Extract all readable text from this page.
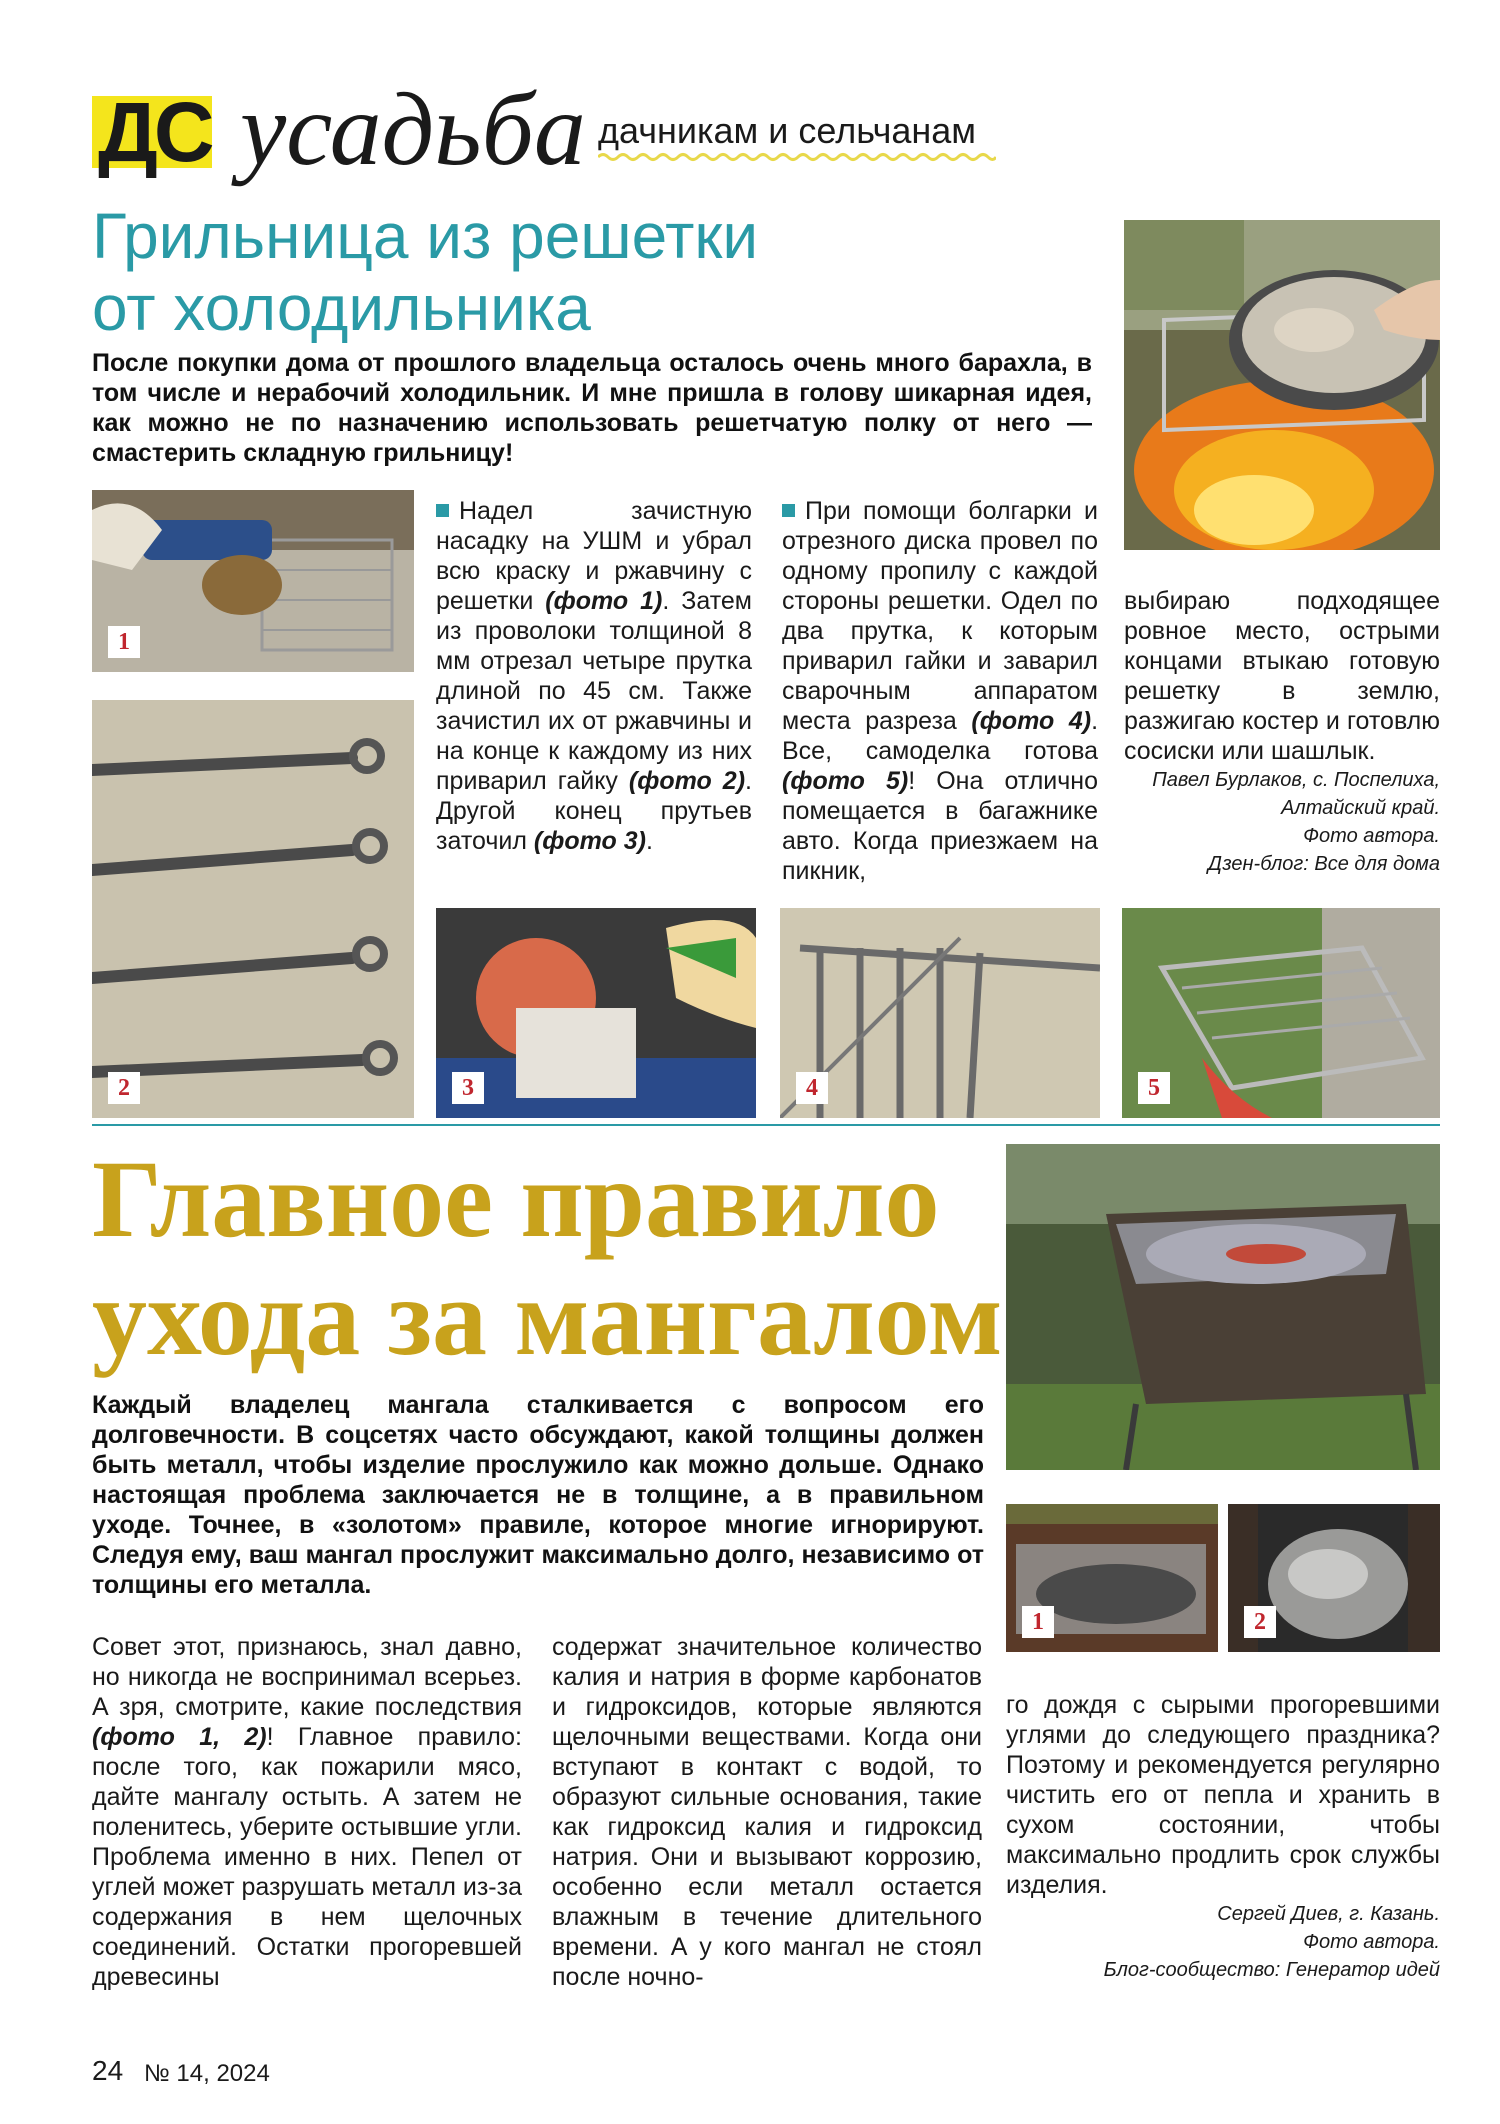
ДС усадьба дачникам и сельчанам
Грильница из решетки
от холодильника
После покупки дома от прошлого владельца осталось очень много барахла, в том числе и нерабочий холодильник. И мне пришла в голову шикарная идея, как можно не по назначению использовать решетчатую полку от него — смастерить складную грильницу!
1
2
Надел зачистную насадку на УШМ и убрал всю краску и ржавчину с решетки (фото 1). Затем из проволоки толщиной 8 мм отрезал четыре прутка длиной по 45 см. Также зачистил их от ржавчины и на конце к каждому из них приварил гайку (фото 2). Другой конец прутьев заточил (фото 3).
При помощи болгарки и отрезного диска провел по одному пропилу с каждой стороны решетки. Одел по два прутка, к которым приварил гайки и заварил сварочным аппаратом места разреза (фото 4). Все, самоделка готова (фото 5)! Она отлично помещается в багажнике авто. Когда приезжаем на пикник,
выбираю подходящее ровное место, острыми концами втыкаю готовую решетку в землю, разжигаю костер и готовлю сосиски или шашлык.
Павел Бурлаков, с. Поспелиха,
Алтайский край.
Фото автора.
Дзен-блог: Все для дома
3	4	5
Главное правило
ухода за мангалом
Каждый владелец мангала сталкивается с вопросом его долговечности. В соцсетях часто обсуждают, какой толщины должен быть металл, чтобы изделие прослужило как можно дольше. Однако настоящая проблема заключается не в толщине, а в правильном уходе. Точнее, в «золотом» правиле, которое многие игнорируют. Следуя ему, ваш мангал прослужит максимально долго, независимо от толщины его металла.
1	2
Совет этот, признаюсь, знал давно, но никогда не воспринимал всерьез. А зря, смотрите, какие последствия (фото 1, 2)! Главное правило: после того, как пожарили мясо, дайте мангалу остыть. А затем не поленитесь, уберите остывшие угли. Проблема именно в них. Пепел от углей может разрушать металл из-за содержания в нем щелочных соединений. Остатки прогоревшей древесины
содержат значительное количество калия и натрия в форме карбонатов и гидроксидов, которые являются щелочными веществами. Когда они вступают в контакт с водой, то образуют сильные основания, такие как гидроксид калия и гидроксид натрия. Они и вызывают коррозию, особенно если металл остается влажным в течение длительного времени. А у кого мангал не стоял после ночно-
го дождя с сырыми прогоревшими углями до следующего праздника? Поэтому и рекомендуется регулярно чистить его от пепла и хранить в сухом состоянии, чтобы максимально продлить срок службы изделия.
Сергей Диев, г. Казань.
Фото автора.
Блог-сообщество: Генератор идей
24 № 14, 2024
